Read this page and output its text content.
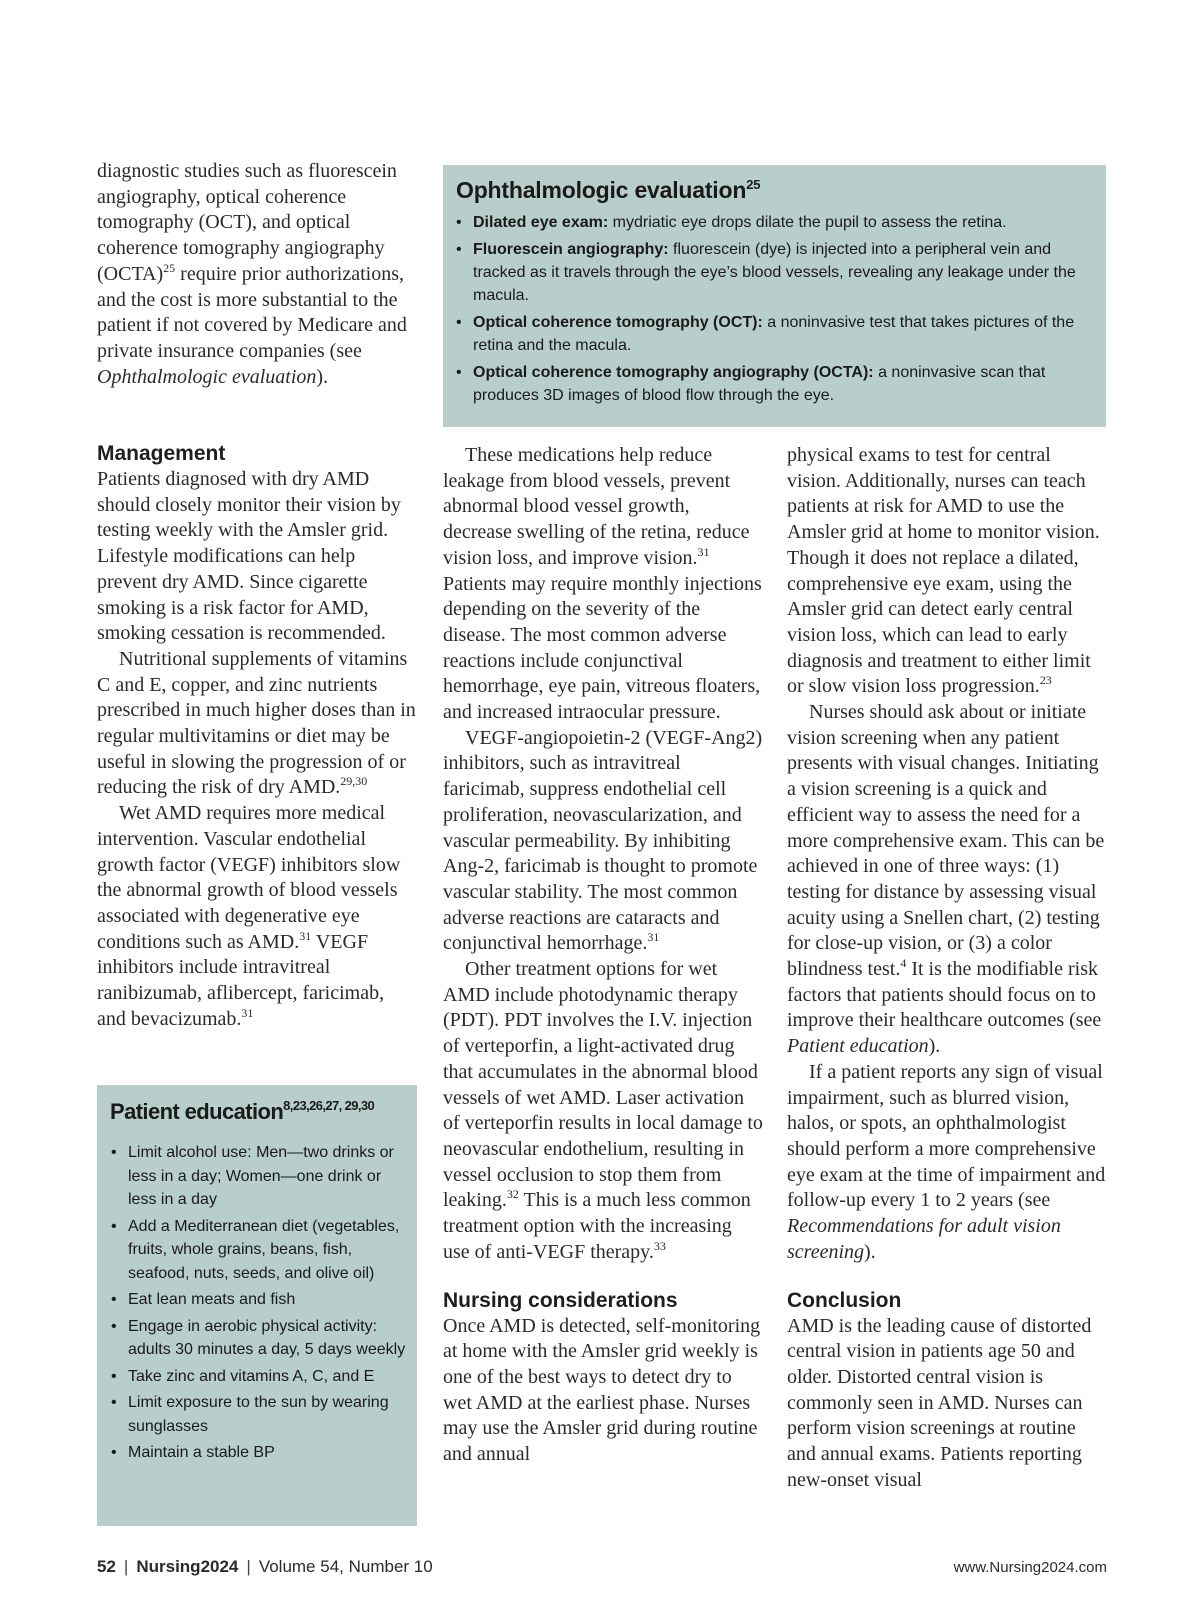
Ophthalmologic evaluation$^{25}$
• Dilated eye exam: mydriatic eye drops dilate the pupil to assess the retina.
• Fluorescein angiography: fluorescein (dye) is injected into a peripheral vein and tracked as it travels through the eye’s blood vessels, revealing any leakage under the macula.
• Optical coherence tomography (OCT): a noninvasive test that takes pictures of the retina and the macula.
• Optical coherence tomography angiography (OCTA): a noninvasive scan that produces 3D images of blood flow through the eye.

diagnostic studies such as fluorescein angiography, optical coherence tomography (OCT), and optical coherence tomography angiography (OCTA)$^{25}$ require prior authorizations, and the cost is more substantial to the patient if not covered by Medicare and private insurance companies (see Ophthalmologic evaluation).

Management

Patients diagnosed with dry AMD should closely monitor their vision by testing weekly with the Amsler grid. Lifestyle modifications can help prevent dry AMD. Since cigarette smoking is a risk factor for AMD, smoking cessation is recommended.

Nutritional supplements of vitamins C and E, copper, and zinc nutrients prescribed in much higher doses than in regular multivitamins or diet may be useful in slowing the progression of or reducing the risk of dry AMD.$^{29,30}$

Wet AMD requires more medical intervention. Vascular endothelial growth factor (VEGF) inhibitors slow the abnormal growth of blood vessels associated with degenerative eye conditions such as AMD.$^{31}$ VEGF inhibitors include intravitreal ranibizumab, aflibercept, faricimab, and bevacizumab.$^{31}$

Patient education$^{8,23,26,27, 29,30}$
• Limit alcohol use: Men—two drinks or less in a day; Women—one drink or less in a day
• Add a Mediterranean diet (vegetables, fruits, whole grains, beans, fish, seafood, nuts, seeds, and olive oil)
• Eat lean meats and fish
• Engage in aerobic physical activity: adults 30 minutes a day, 5 days weekly
• Take zinc and vitamins A, C, and E
• Limit exposure to the sun by wearing sunglasses
• Maintain a stable BP

These medications help reduce leakage from blood vessels, prevent abnormal blood vessel growth, decrease swelling of the retina, reduce vision loss, and improve vision.$^{31}$ Patients may require monthly injections depending on the severity of the disease. The most common adverse reactions include conjunctival hemorrhage, eye pain, vitreous floaters, and increased intraocular pressure.

VEGF-angiopoietin-2 (VEGF-Ang2) inhibitors, such as intravitreal faricimab, suppress endothelial cell proliferation, neovascularization, and vascular permeability. By inhibiting Ang-2, faricimab is thought to promote vascular stability. The most common adverse reactions are cataracts and conjunctival hemorrhage.$^{31}$

Other treatment options for wet AMD include photodynamic therapy (PDT). PDT involves the I.V. injection of verteporfin, a light-activated drug that accumulates in the abnormal blood vessels of wet AMD. Laser activation of verteporfin results in local damage to neovascular endothelium, resulting in vessel occlusion to stop them from leaking.$^{32}$ This is a much less common treatment option with the increasing use of anti-VEGF therapy.$^{33}$

Nursing considerations

Once AMD is detected, self-monitoring at home with the Amsler grid weekly is one of the best ways to detect dry to wet AMD at the earliest phase. Nurses may use the Amsler grid during routine and annual

physical exams to test for central vision. Additionally, nurses can teach patients at risk for AMD to use the Amsler grid at home to monitor vision. Though it does not replace a dilated, comprehensive eye exam, using the Amsler grid can detect early central vision loss, which can lead to early diagnosis and treatment to either limit or slow vision loss progression.$^{23}$

Nurses should ask about or initiate vision screening when any patient presents with visual changes. Initiating a vision screening is a quick and efficient way to assess the need for a more comprehensive exam. This can be achieved in one of three ways: (1) testing for distance by assessing visual acuity using a Snellen chart, (2) testing for close-up vision, or (3) a color blindness test.$^4$ It is the modifiable risk factors that patients should focus on to improve their healthcare outcomes (see Patient education).

If a patient reports any sign of visual impairment, such as blurred vision, halos, or spots, an ophthalmologist should perform a more comprehensive eye exam at the time of impairment and follow-up every 1 to 2 years (see Recommendations for adult vision screening).

Conclusion

AMD is the leading cause of distorted central vision in patients age 50 and older. Distorted central vision is commonly seen in AMD. Nurses can perform vision screenings at routine and annual exams. Patients reporting new-onset visual

52 | Nursing2024 | Volume 54, Number 10	www.Nursing2024.com
